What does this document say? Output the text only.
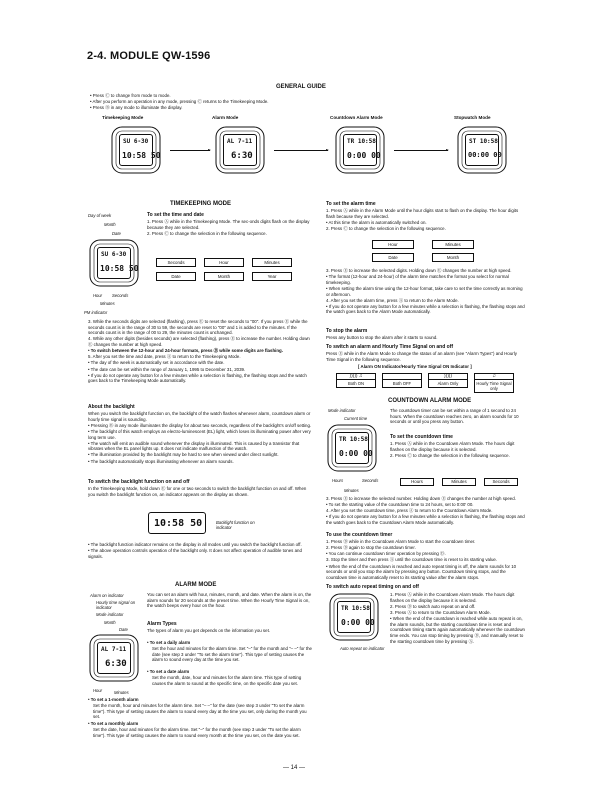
2-4. MODULE QW-1596
GENERAL GUIDE
• Press Ⓒ to change from mode to mode.
• After you perform an operation in any mode, pressing Ⓒ returns to the Timekeeping Mode.
• Press Ⓑ in any mode to illuminate the display.
Timekeeping Mode	Alarm Mode	Countdown Alarm Mode	Stopwatch Mode
SU 6-30
10:58 50
AL 7-11
6:30
TR 10:58
0:00 00
ST 10:58
00:00 00
TIMEKEEPING MODE
Day of week
Month
Date
SU 6-30
10:58 50
Hour Seconds
Minutes
PM indicator
To set the time and date
1. Press Ⓐ while in the Timekeeping Mode. The sec-onds digits flash on the display because they are selected.
2. Press Ⓒ to change the selection in the following sequence.
Seconds	Hour	Minutes
Date	Month	Year
3. While the seconds digits are selected (flashing), press Ⓔ to reset the seconds to "00". If you press Ⓔ while the seconds count is in the range of 30 to 59, the seconds are reset to "00" and 1 is added to the minutes. If the seconds count is in the range of 00 to 29, the minutes count is unchanged.
4. While any other digits (besides seconds) are selected (flashing), press Ⓔ to increase the number. Holding down Ⓔ changes the number at high speed.
• To switch between the 12-hour and 24-hour formats, press Ⓓ while some digits are flashing.
5. After you set the time and date, press Ⓐ to return to the Timekeeping Mode.
• The day of the week is automatically set in accordance with the date.
• The date can be set within the range of January 1, 1995 to December 31, 2039.
• If you do not operate any button for a few minutes while a selection is flashing, the flashing stops and the watch goes back to the Timekeeping Mode automatically.
About the backlight
When you switch the backlight function on, the backlight of the watch flashes whenever alarm, countdown alarm or hourly time signal is sounding.
• Pressing Ⓑ in any mode illuminates the display for about two seconds, regardless of the backlight's on/off setting.
• The backlight of this watch employs an electro-luminescent (EL) light, which loses its illuminating power after very long term use.
• The watch will emit an audible sound whenever the display is illuminated. This is caused by a transistor that vibrates when the EL panel lights up. It does not indicate malfunction of the watch.
• The illumination provided by the backlight may be hard to see when viewed under direct sunlight.
• The backlight automatically stops illuminating whenever an alarm sounds.
To switch the backlight function on and off
In the Timekeeping Mode, hold down Ⓔ for one or two seconds to switch the backlight function on and off. When you switch the backlight function on, an indicator appears on the display as shown.
10:58 50	Backlight function on indicator
• The backlight function indicator remains on the display in all modes until you switch the backlight function off.
• The above operation controls operation of the backlight only. It does not affect operation of audible tones and signals.
ALARM MODE
Alarm on indicator
Hourly time signal on indicator
Mode indicator
Month
Date
AL 7-11
6:30
Hour	Minutes
You can set an alarm with hour, minutes, month, and date. When the alarm is on, the alarm sounds for 20 seconds at the preset time. When the Hourly Time Signal is on, the watch beeps every hour on the hour.
Alarm Types
The types of alarm you get depends on the information you set.
• To set a daily alarm
Set the hour and minutes for the alarm time. Set "–" for the month and "– –" for the date (see step 3 under "To set the alarm time"). This type of setting causes the alarm to sound every day at the time you set.
• To set a date alarm
Set the month, date, hour and minutes for the alarm time. This type of setting causes the alarm to sound at the specific time, on the specific date you set.
• To set a 1-month alarm
Set the month, hour and minutes for the alarm time. Set "– –" for the date (see step 3 under "To set the alarm time"). This type of setting causes the alarm to sound every day at the time you set, only during the month you set.
• To set a monthly alarm
Set the date, hour and minutes for the alarm time. Set "–" for the month (see step 3 under "To set the alarm time"). This type of setting causes the alarm to sound every month at the time you set, on the date you set.
To set the alarm time
1. Press Ⓐ while in the Alarm Mode until the hour digits start to flash on the display. The hour digits flash because they are selected.
• At this time the alarm is automatically switched on.
2. Press Ⓒ to change the selection in the following sequence.
Hour	Minutes
Date	Month
3. Press Ⓔ to increase the selected digits. Holding down Ⓔ changes the number at high speed.
• The format (12-hour and 24-hour) of the alarm time matches the format you select for normal timekeeping.
• When setting the alarm time using the 12-hour format, take care to set the time correctly as morning or afternoon.
4. After you set the alarm time, press Ⓐ to return to the Alarm Mode.
• If you do not operate any button for a few minutes while a selection is flashing, the flashing stops and the watch goes back to the Alarm Mode automatically.
To stop the alarm
Press any button to stop the alarm after it starts to sound.
To switch an alarm and Hourly Time Signal on and off
Press Ⓔ while in the Alarm Mode to change the status of an alarm (see "Alarm Types") and Hourly Time Signal in the following sequence.
[ Alarm ON Indicator/Hourly Time Signal ON Indicator ]
))))) ♫
Both ON	Both OFF
)))))
Alarm Only
♫
Hourly Time Signal only
COUNTDOWN ALARM MODE
Mode indicator
Current time
TR 10:58
0:00 00
Hours	Seconds
Minutes
The countdown timer can be set within a range of 1 second to 24 hours. When the countdown reaches zero, an alarm sounds for 10 seconds or until you press any button.
To set the countdown time
1. Press Ⓐ while in the Countdown Alarm Mode. The hours digit flashes on the display because it is selected.
2. Press Ⓒ to change the selection in the following sequence.
Hours	Minutes	Seconds
3. Press Ⓔ to increase the selected number. Holding down Ⓔ changes the number at high speed.
• To set the starting value of the countdown time to 24 hours, set to 0:00' 00.
4. After you set the countdown time, press Ⓐ to return to the Countdown Alarm Mode.
• If you do not operate any button for a few minutes while a selection is flashing, the flashing stops and the watch goes back to the Countdown Alarm Mode automatically.
To use the countdown timer
1. Press Ⓓ while in the Countdown Alarm Mode to start the countdown timer.
2. Press Ⓓ again to stop the countdown timer.
• You can continue countdown timer operation by pressing Ⓓ.
3. Stop the timer and then press Ⓐ until the countdown time is reset to its starting value.
• When the end of the countdown is reached and auto repeat timing is off, the alarm sounds for 10 seconds or until you stop the alarm by pressing any button. Countdown timing stops, and the countdown time is automatically reset to its starting value after the alarm stops.
To switch auto repeat timing on and off
TR 10:58
0:00 00
Auto repeat on indicator
1. Press Ⓐ while in the Countdown Alarm Mode. The hours digit flashes on the display because it is selected.
2. Press Ⓓ to switch auto repeat on and off.
3. Press Ⓐ to return to the Countdown Alarm Mode.
• When the end of the countdown is reached while auto repeat is on, the alarm sounds, but the starting countdown time is reset and countdown timing starts again automatically whenever the countdown time ends. You can stop timing by pressing Ⓓ, and manually reset to the starting countdown time by pressing Ⓐ.
— 14 —
